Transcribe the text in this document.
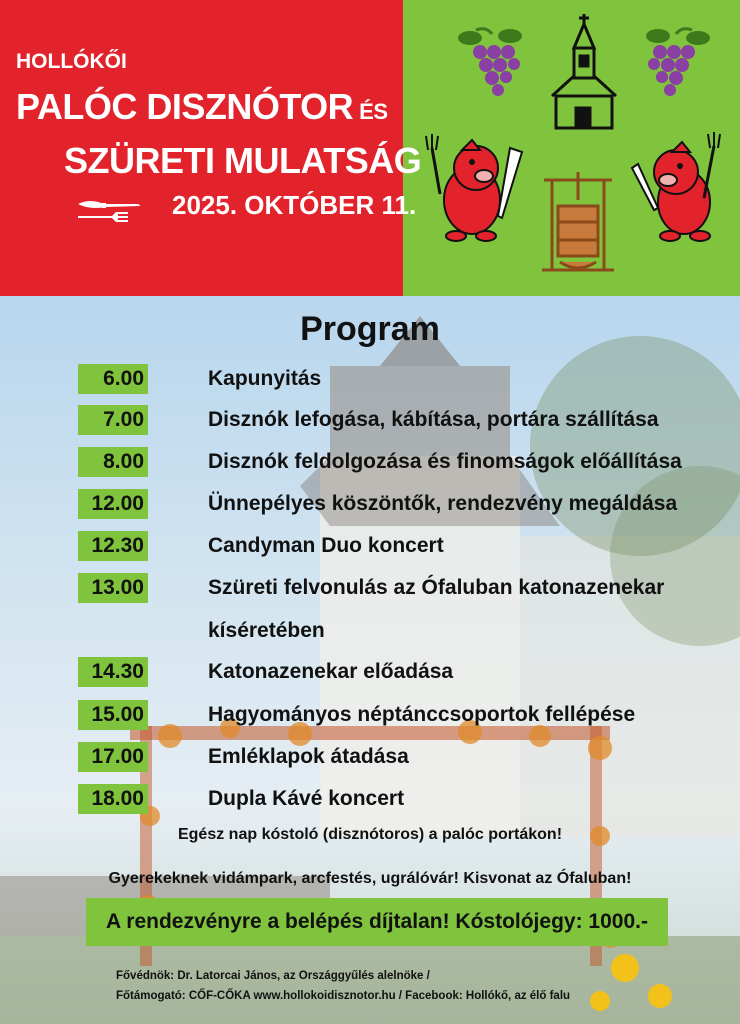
HOLLÓKŐI
PALÓC DISZNÓTOR ÉS
SZÜRETI MULATSÁG
2025. OKTÓBER 11.
Program
6.00	Kapunyitás
7.00	Disznók lefogása, kábítása, portára szállítása
8.00	Disznók feldolgozása és finomságok előállítása
12.00	Ünnepélyes köszöntők, rendezvény megáldása
12.30	Candyman Duo koncert
13.00	Szüreti felvonulás az Ófaluban katonazenekar
kíséretében
14.30	Katonazenekar előadása
15.00	Hagyományos néptánccsoportok fellépése
17.00	Emléklapok átadása
18.00	Dupla Kávé koncert
Egész nap kóstoló (disznótoros) a palóc portákon!
Gyerekeknek vidámpark, arcfestés, ugrálóvár! Kisvonat az Ófaluban!
A rendezvényre a belépés díjtalan! Kóstolójegy: 1000.-
Fővédnök: Dr. Latorcai János, az Országgyűlés alelnöke /
Főtámogató: CŐF-CŐKA www.hollokoidisznotor.hu / Facebook: Hollókő, az élő falu
